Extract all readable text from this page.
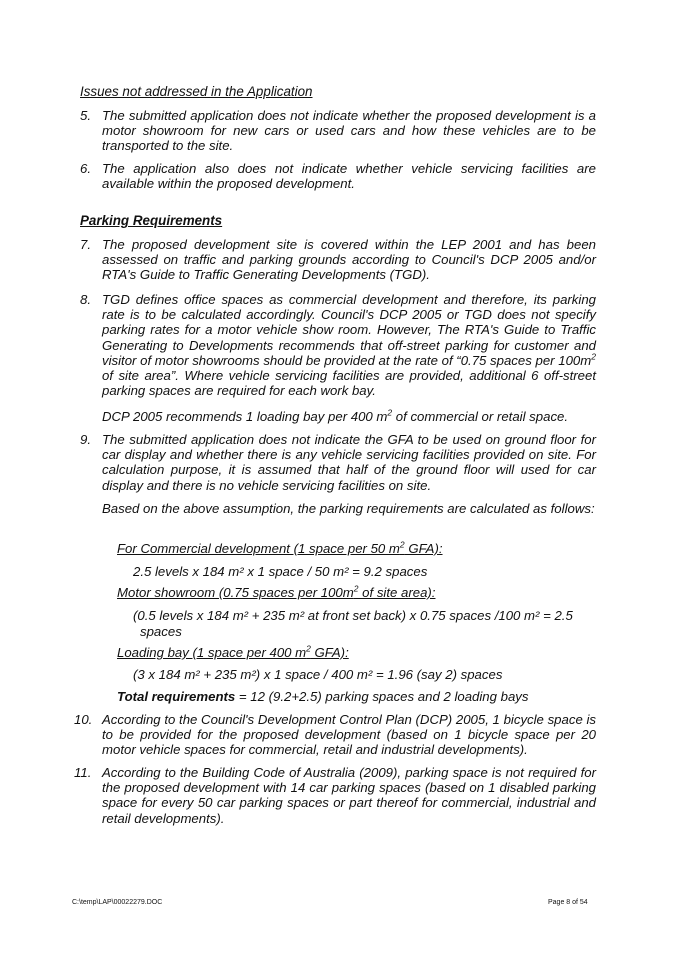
Issues not addressed in the Application
5. The submitted application does not indicate whether the proposed development is a motor showroom for new cars or used cars and how these vehicles are to be transported to the site.
6. The application also does not indicate whether vehicle servicing facilities are available within the proposed development.
Parking Requirements
7. The proposed development site is covered within the LEP 2001 and has been assessed on traffic and parking grounds according to Council's DCP 2005 and/or RTA's Guide to Traffic Generating Developments (TGD).
8. TGD defines office spaces as commercial development and therefore, its parking rate is to be calculated accordingly. Council's DCP 2005 or TGD does not specify parking rates for a motor vehicle show room. However, The RTA's Guide to Traffic Generating to Developments recommends that off-street parking for customer and visitor of motor showrooms should be provided at the rate of “0.75 spaces per $100m^2$ of site area”. Where vehicle servicing facilities are provided, additional 6 off-street parking spaces are required for each work bay.
DCP 2005 recommends 1 loading bay per 400 $m^2$ of commercial or retail space.
9. The submitted application does not indicate the GFA to be used on ground floor for car display and whether there is any vehicle servicing facilities provided on site. For calculation purpose, it is assumed that half of the ground floor will used for car display and there is no vehicle servicing facilities on site.
Based on the above assumption, the parking requirements are calculated as follows:
For Commercial development (1 space per 50 $m^2$ GFA):
2.5 levels x 184 m² x 1 space / 50 m² = 9.2 spaces
Motor showroom (0.75 spaces per $100m^2$ of site area):
(0.5 levels x 184 m² + 235 m² at front set back) x 0.75 spaces /100 m² = 2.5
spaces
Loading bay (1 space per 400 $m^2$ GFA):
(3 x 184 m² + 235 m²) x 1 space / 400 m² = 1.96 (say 2) spaces
Total requirements = 12 (9.2+2.5) parking spaces and 2 loading bays
10. According to the Council's Development Control Plan (DCP) 2005, 1 bicycle space is to be provided for the proposed development (based on 1 bicycle space per 20 motor vehicle spaces for commercial, retail and industrial developments).
11. According to the Building Code of Australia (2009), parking space is not required for the proposed development with 14 car parking spaces (based on 1 disabled parking space for every 50 car parking spaces or part thereof for commercial, industrial and retail developments).
C:\temp\LAP\00022279.DOC	Page 8 of 54
